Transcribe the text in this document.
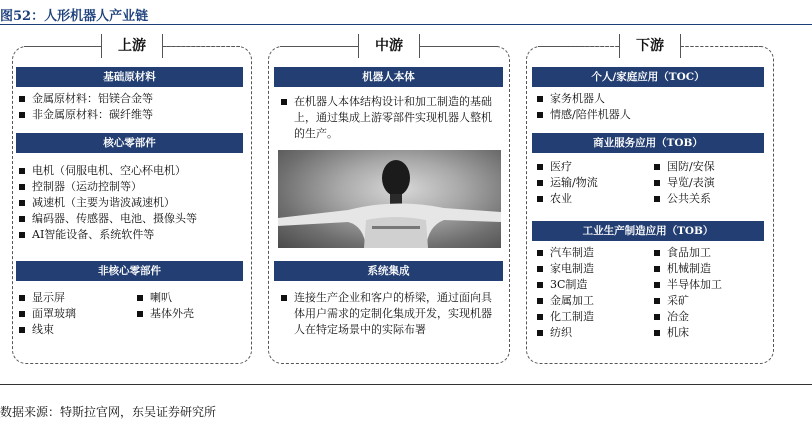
图52：人形机器人产业链
上游
基础原材料
金属原材料：铝镁合金等
非金属原材料：碳纤维等
核心零部件
电机（伺服电机、空心杯电机）
控制器（运动控制等）
减速机（主要为谐波减速机）
编码器、传感器、电池、摄像头等
AI智能设备、系统软件等
非核心零部件
显示屏
面罩玻璃
线束
喇叭
基体外壳
中游
机器人本体
在机器人本体结构设计和加工制造的基础上，通过集成上游零部件实现机器人整机的生产。
系统集成
连接生产企业和客户的桥梁，通过面向具体用户需求的定制化集成开发，实现机器人在特定场景中的实际布署
下游
个人/家庭应用（TOC）
家务机器人
情感/陪伴机器人
商业服务应用（TOB）
医疗
运输/物流
农业
国防/安保
导览/表演
公共关系
工业生产制造应用（TOB）
汽车制造
家电制造
3C制造
金属加工
化工制造
纺织
食品加工
机械制造
半导体加工
采矿
冶金
机床
数据来源：特斯拉官网，东吴证券研究所
